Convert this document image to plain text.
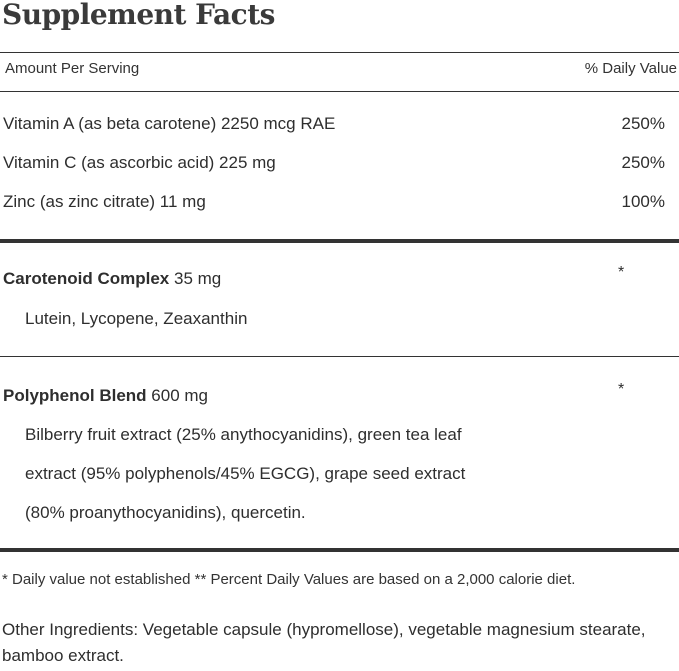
Supplement Facts
Amount Per Serving	% Daily Value
Vitamin A (as beta carotene) 2250 mcg RAE	250%
Vitamin C (as ascorbic acid) 225 mg	250%
Zinc (as zinc citrate) 11 mg	100%
Carotenoid Complex 35 mg	*
Lutein, Lycopene, Zeaxanthin
Polyphenol Blend 600 mg	*
Bilberry fruit extract (25% anythocyanidins), green tea leaf
extract (95% polyphenols/45% EGCG), grape seed extract
(80% proanythocyanidins), quercetin.
* Daily value not established ** Percent Daily Values are based on a 2,000 calorie diet.
Other Ingredients: Vegetable capsule (hypromellose), vegetable magnesium stearate, bamboo extract.
